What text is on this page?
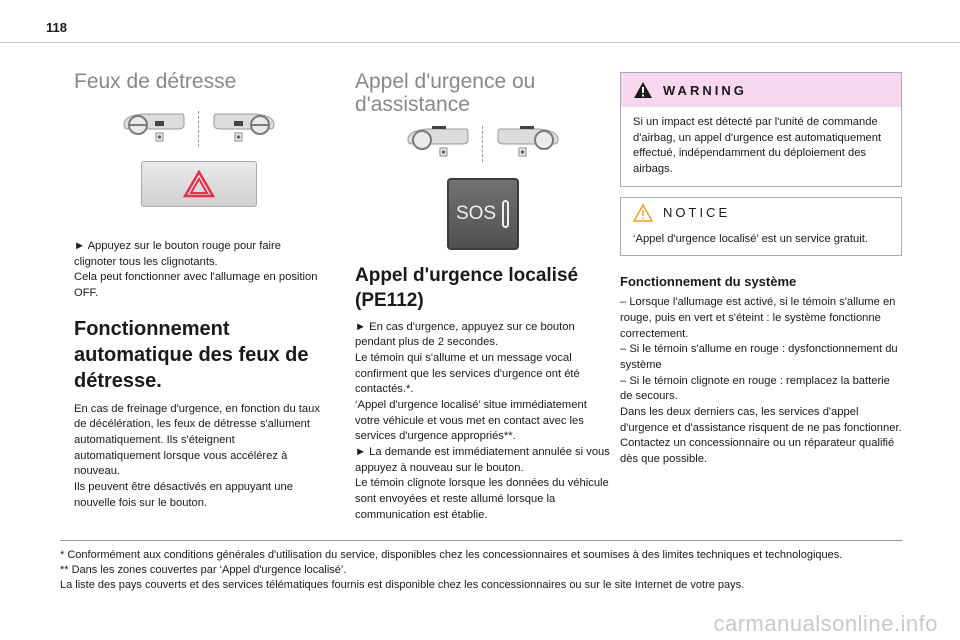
118
Feux de détresse

► Appuyez sur le bouton rouge pour faire clignoter tous les clignotants.
Cela peut fonctionner avec l'allumage en position OFF.

Fonctionnement automatique des feux de détresse.

En cas de freinage d'urgence, en fonction du taux de décélération, les feux de détresse s'allument automatiquement. Ils s'éteignent automatiquement lorsque vous accélérez à nouveau.
Ils peuvent être désactivés en appuyant une nouvelle fois sur le bouton.

Appel d'urgence ou d'assistance
SOS
Appel d'urgence localisé (PE112)

► En cas d'urgence, appuyez sur ce bouton pendant plus de 2 secondes.
Le témoin qui s'allume et un message vocal confirment que les services d'urgence ont été contactés.*.
‘Appel d'urgence localisé’ situe immédiatement votre véhicule et vous met en contact avec les services d'urgence appropriés**.
► La demande est immédiatement annulée si vous appuyez à nouveau sur le bouton.
Le témoin clignote lorsque les données du véhicule sont envoyées et reste allumé lorsque la communication est établie.

WARNING

Si un impact est détecté par l'unité de commande d'airbag, un appel d'urgence est automatiquement effectué, indépendamment du déploiement des airbags.

NOTICE

‘Appel d'urgence localisé’ est un service gratuit.

Fonctionnement du système

– Lorsque l'allumage est activé, si le témoin s'allume en rouge, puis en vert et s'éteint : le système fonctionne correctement.
– Si le témoin s'allume en rouge : dysfonctionnement du système
– Si le témoin clignote en rouge : remplacez la batterie de secours.
Dans les deux derniers cas, les services d'appel d'urgence et d'assistance risquent de ne pas fonctionner.
Contactez un concessionnaire ou un réparateur qualifié dès que possible.

* Conformément aux conditions générales d'utilisation du service, disponibles chez les concessionnaires et soumises à des limites techniques et technologiques.

** Dans les zones couvertes par ‘Appel d'urgence localisé’.

La liste des pays couverts et des services télématiques fournis est disponible chez les concessionnaires ou sur le site Internet de votre pays.

carmanualsonline.info
